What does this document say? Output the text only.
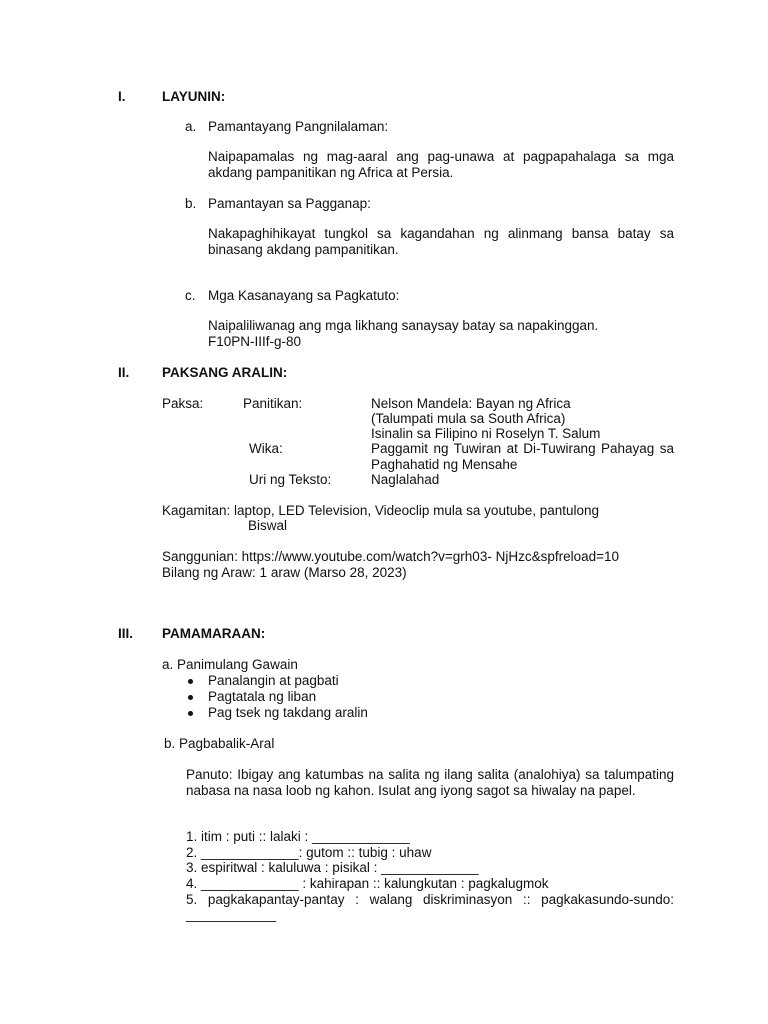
I.	LAYUNIN:
a. Pamantayang Pangnilalaman:
Naipapamalas ng mag-aaral ang pag-unawa at pagpapahalaga sa mga akdang pampanitikan ng Africa at Persia.
b. Pamantayan sa Pagganap:
Nakapaghihikayat tungkol sa kagandahan ng alinmang bansa batay sa binasang akdang pampanitikan.
c. Mga Kasanayang sa Pagkatuto:
Naipaliliwanag ang mga likhang sanaysay batay sa napakinggan.
F10PN-IIIf-g-80
II. PAKSANG ARALIN:
Paksa:	Panitikan:	Nelson Mandela: Bayan ng Africa
(Talumpati mula sa South Africa)
Isinalin sa Filipino ni Roselyn T. Salum
Wika:	Paggamit ng Tuwiran at Di-Tuwirang Pahayag sa Paghahatid ng Mensahe
Uri ng Teksto:	Naglalahad
Kagamitan: laptop, LED Television, Videoclip mula sa youtube, pantulong
Biswal
Sanggunian: https://www.youtube.com/watch?v=grh03- NjHzc&spfreload=10
Bilang ng Araw: 1 araw (Marso 28, 2023)
III. PAMAMARAAN:
a. Panimulang Gawain
Panalangin at pagbati
Pagtatala ng liban
Pag tsek ng takdang aralin
b. Pagbabalik-Aral
Panuto: Ibigay ang katumbas na salita ng ilang salita (analohiya) sa talumpating nabasa na nasa loob ng kahon. Isulat ang iyong sagot sa hiwalay na papel.
1. itim : puti :: lalaki : _____________
2. _____________: gutom :: tubig : uhaw
3. espiritwal : kaluluwa : pisikal : _____________
4. _____________ : kahirapan :: kalungkutan : pagkalugmok
5. pagkakapantay-pantay : walang diskriminasyon :: pagkakasundo-sundo:
____________
